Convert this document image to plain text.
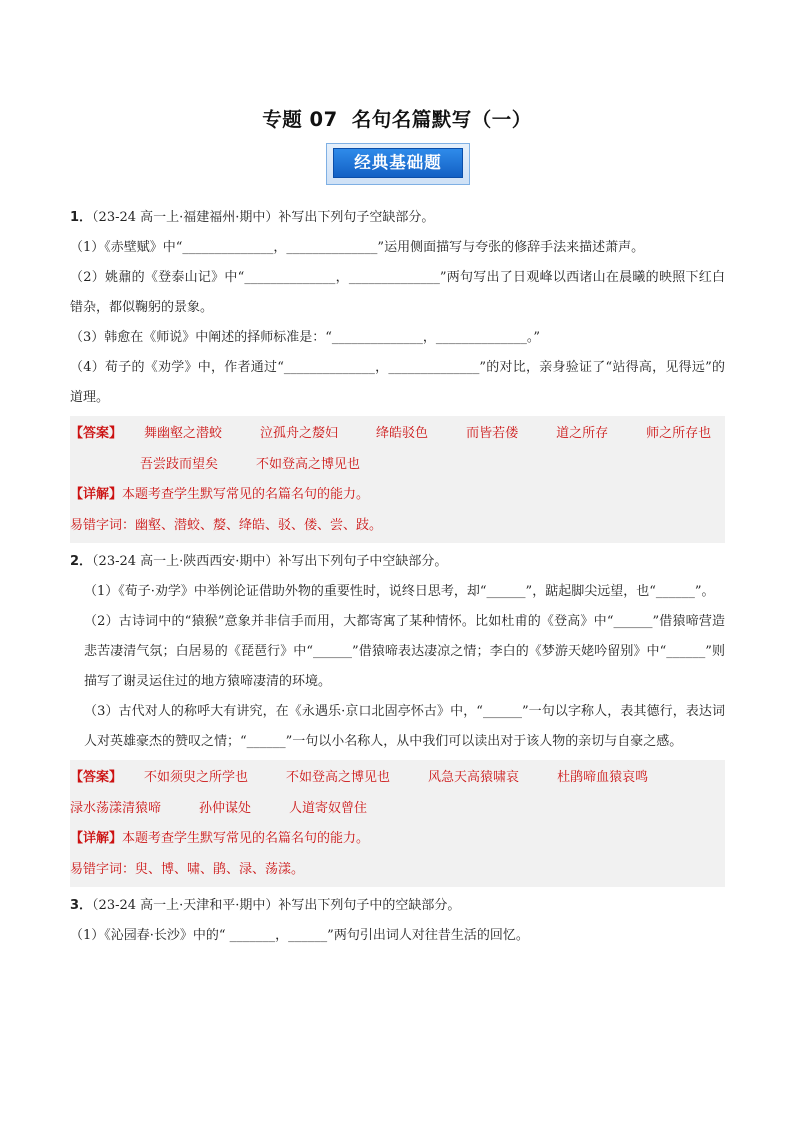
专题 07 名句名篇默写（一）
经典基础题

1．（23-24 高一上·福建福州·期中）补写出下列句子空缺部分。

（1）《赤壁赋》中“______________，______________”运用侧面描写与夸张的修辞手法来描述萧声。

（2）姚鼐的《登泰山记》中“______________，______________”两句写出了日观峰以西诸山在晨曦的映照下红白错杂，都似鞠躬的景象。

（3）韩愈在《师说》中阐述的择师标准是：“______________，______________。”

（4）荀子的《劝学》中，作者通过“______________，______________”的对比，亲身验证了“站得高，见得远”的道理。

【答案】 舞幽壑之潜蛟	泣孤舟之嫠妇	绛皓驳色	而皆若偻	道之所存	师之所存也

吾尝跂而望矣	不如登高之博见也

【详解】本题考查学生默写常见的名篇名句的能力。

易错字词：幽壑、潜蛟、嫠、绛皓、驳、偻、尝、跂。

2．（23-24 高一上·陕西西安·期中）补写出下列句子中空缺部分。

（1）《荀子·劝学》中举例论证借助外物的重要性时，说终日思考，却“______”，踮起脚尖远望，也“______”。

（2）古诗词中的“猿猴”意象并非信手而用，大都寄寓了某种情怀。比如杜甫的《登高》中“______”借猿啼营造悲苦凄清气氛；白居易的《琵琶行》中“______”借猿啼表达凄凉之情；李白的《梦游天姥吟留别》中“______”则描写了谢灵运住过的地方猿啼凄清的环境。

（3）古代对人的称呼大有讲究，在《永遇乐·京口北固亭怀古》中，“______”一句以字称人，表其德行，表达词人对英雄豪杰的赞叹之情；“______”一句以小名称人，从中我们可以读出对于该人物的亲切与自豪之感。

【答案】 不如须臾之所学也	不如登高之博见也	风急天高猿啸哀	杜鹃啼血猿哀鸣

渌水荡漾清猿啼	孙仲谋处	人道寄奴曾住

【详解】本题考查学生默写常见的名篇名句的能力。

易错字词：臾、博、啸、鹃、渌、荡漾。

3．（23-24 高一上·天津和平·期中）补写出下列句子中的空缺部分。

（1）《沁园春·长沙》中的“ _______，______”两句引出词人对往昔生活的回忆。
